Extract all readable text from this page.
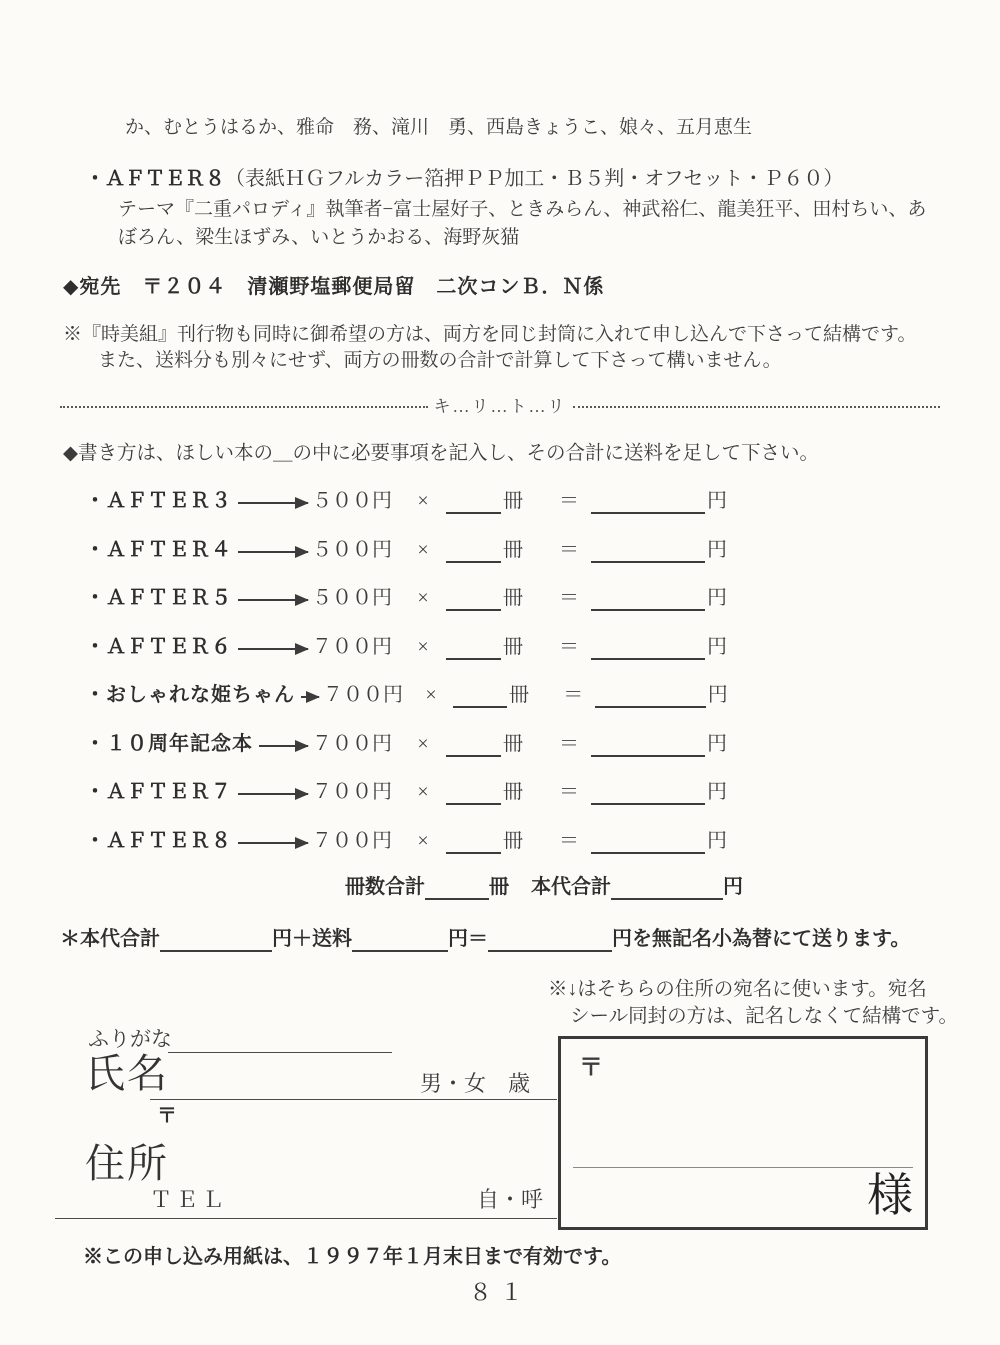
か、むとうはるか、雅命　務、滝川　勇、西島きょうこ、娘々、五月恵生
・ＡＦＴＥＲ８（表紙ＨＧフルカラー箔押ＰＰ加工・Ｂ５判・オフセット・Ｐ６０）
テーマ『二重パロディ』執筆者−富士屋好子、ときみらん、神武裕仁、龍美狂平、田村ちい、あ
ぼろん、梁生ほずみ、いとうかおる、海野灰猫
◆宛先　〒２０４　清瀬野塩郵便局留　二次コンＢ．Ｎ係
※『時美組』刊行物も同時に御希望の方は、両方を同じ封筒に入れて申し込んで下さって結構です。
また、送料分も別々にせず、両方の冊数の合計で計算して下さって構いません。
キ…リ…ト…リ
◆書き方は、ほしい本の＿の中に必要事項を記入し、その合計に送料を足して下さい。
・ＡＦＴＥＲ３	５００円	×	冊	＝	円
・ＡＦＴＥＲ４	５００円	×	冊	＝	円
・ＡＦＴＥＲ５	５００円	×	冊	＝	円
・ＡＦＴＥＲ６	７００円	×	冊	＝	円
・おしゃれな姫ちゃん ７００円	×	冊	＝	円
・１０周年記念本	７００円	×	冊	＝	円
・ＡＦＴＥＲ７	７００円	×	冊	＝	円
・ＡＦＴＥＲ８	７００円	×	冊	＝	円
冊数合計	冊 本代合計	円
＊本代合計	円＋送料	円＝	円を無記名小為替にて送ります。
※↓はそちらの住所の宛名に使います。宛名
シール同封の方は、記名しなくて結構です。
ふりがな
氏名	男・女　歳
〒
住所
ＴＥＬ	自・呼
〒
様
※この申し込み用紙は、１９９７年１月末日まで有効です。
８１
